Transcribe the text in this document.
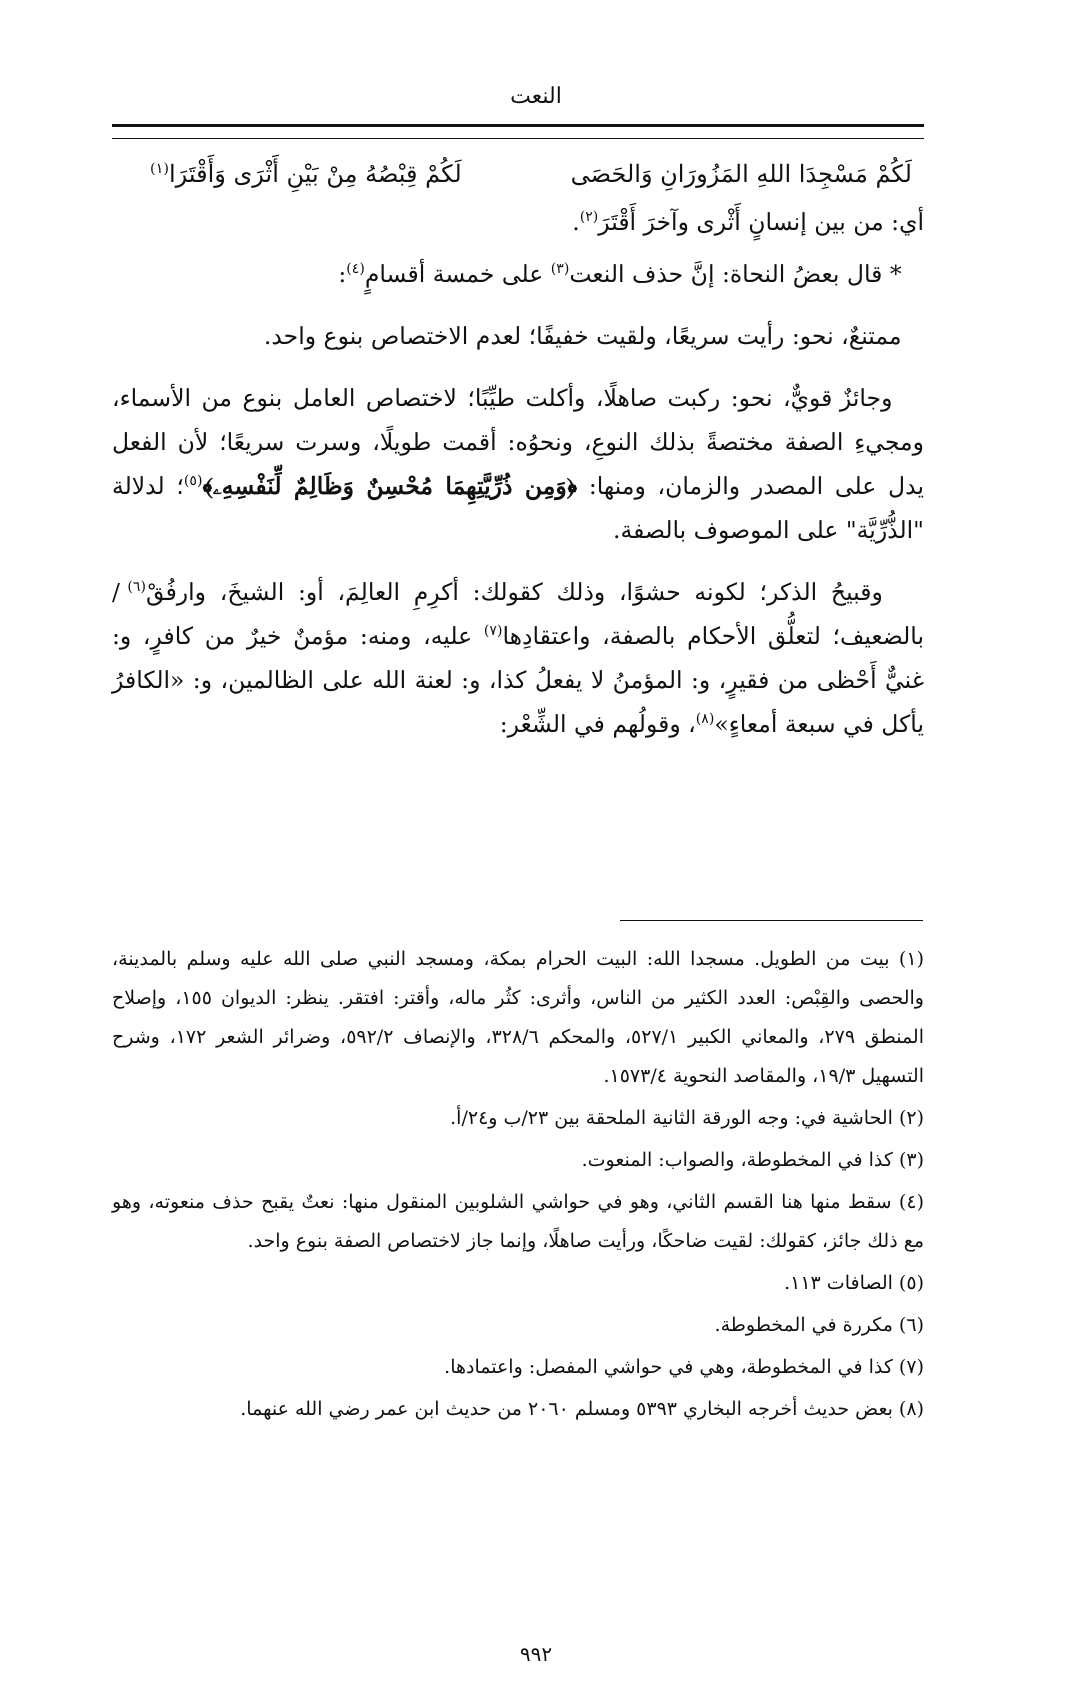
النعت
لَكُمْ مَسْجِدَا اللهِ المَزُورَانِ وَالحَصَى
لَكُمْ قِبْصُهُ مِنْ بَيْنِ أَثْرَى وَأَقْتَرَا$^{(١)}$

أي: من بين إنسانٍ أَثْرى وآخرَ أَقْتَرَ$^{(٢)}$.

* قال بعضُ النحاة: إنَّ حذف النعت$^{(٣)}$ على خمسة أقسامٍ$^{(٤)}$:

ممتنعٌ، نحو: رأيت سريعًا، ولقيت خفيفًا؛ لعدم الاختصاص بنوع واحد.

وجائزٌ قويٌّ، نحو: ركبت صاهلًا، وأكلت طيِّبًا؛ لاختصاص العامل بنوع من الأسماء، ومجيءِ الصفة مختصةً بذلك النوعِ، ونحوُه: أقمت طويلًا، وسرت سريعًا؛ لأن الفعل يدل على المصدر والزمان، ومنها: ﴿وَمِن ذُرِّيَّتِهِمَا مُحْسِنٌ وَظَالِمٌ لِّنَفْسِهِۦ﴾$^{(٥)}$؛ لدلالة "الذُّرِّيَّة" على الموصوف بالصفة.

وقبيحُ الذكر؛ لكونه حشوًا، وذلك كقولك: أكرِمِ العالِمَ، أو: الشيخَ، وارفُقْ$^{(٦)}$ / بالضعيف؛ لتعلُّق الأحكام بالصفة، واعتقادِها$^{(٧)}$ عليه، ومنه: مؤمنٌ خيرٌ من كافرٍ، و: غنيٌّ أَحْظى من فقيرٍ، و: المؤمنُ لا يفعلُ كذا، و: لعنة الله على الظالمين، و: «الكافرُ يأكل في سبعة أمعاءٍ»$^{(٨)}$، وقولُهم في الشِّعْر:

(١) بيت من الطويل. مسجدا الله: البيت الحرام بمكة، ومسجد النبي صلى الله عليه وسلم بالمدينة، والحصى والقِبْص: العدد الكثير من الناس، وأثرى: كثُر ماله، وأقتر: افتقر. ينظر: الديوان ١٥٥، وإصلاح المنطق ٢٧٩، والمعاني الكبير ٥٢٧/١، والمحكم ٣٢٨/٦، والإنصاف ٥٩٢/٢، وضرائر الشعر ١٧٢، وشرح التسهيل ١٩/٣، والمقاصد النحوية ١٥٧٣/٤.

(٢) الحاشية في: وجه الورقة الثانية الملحقة بين ٢٣/ب و٢٤/أ.

(٣) كذا في المخطوطة، والصواب: المنعوت.

(٤) سقط منها هنا القسم الثاني، وهو في حواشي الشلوبين المنقول منها: نعتٌ يقبح حذف منعوته، وهو مع ذلك جائز، كقولك: لقيت ضاحكًا، ورأيت صاهلًا، وإنما جاز لاختصاص الصفة بنوع واحد.

(٥) الصافات ١١٣.

(٦) مكررة في المخطوطة.

(٧) كذا في المخطوطة، وهي في حواشي المفصل: واعتمادها.

(٨) بعض حديث أخرجه البخاري ٥٣٩٣ ومسلم ٢٠٦٠ من حديث ابن عمر رضي الله عنهما.

٩٩٢
